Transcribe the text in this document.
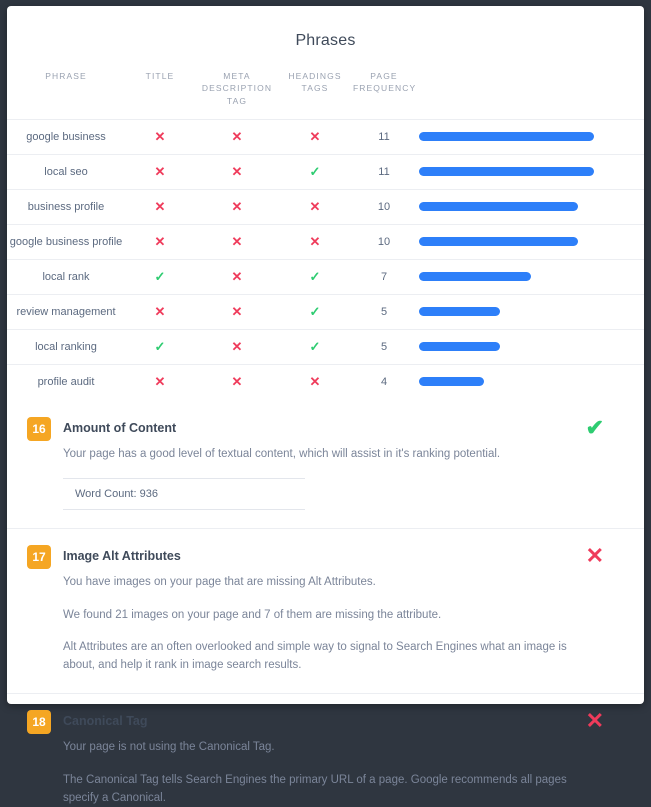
Phrases
PHRASE	TITLE	META DESCRIPTION TAG	HEADINGS TAGS	PAGE FREQUENCY	
google business	✕	✕	✕	11	

local seo	✕	✕	✓	11	

business profile	✕	✕	✕	10	

google business profile	✕	✕	✕	10	

local rank	✓	✕	✓	7	

review management	✕	✕	✓	5	

local ranking	✓	✕	✓	5	

profile audit	✕	✕	✕	4	
16	✔
Amount of Content
Your page has a good level of textual content, which will assist in it's ranking potential.
Word Count: 936
17	✕
Image Alt Attributes
You have images on your page that are missing Alt Attributes.
We found 21 images on your page and 7 of them are missing the attribute.
Alt Attributes are an often overlooked and simple way to signal to Search Engines what an image is about, and help it rank in image search results.
18	✕
Canonical Tag
Your page is not using the Canonical Tag.
The Canonical Tag tells Search Engines the primary URL of a page. Google recommends all pages specify a Canonical.
